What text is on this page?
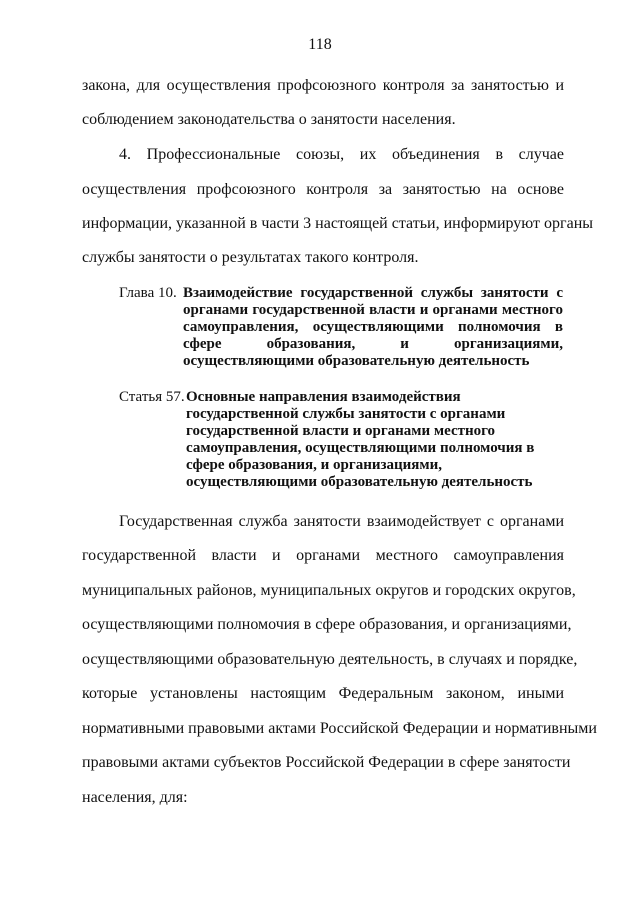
118
закона, для осуществления профсоюзного контроля за занятостью и
соблюдением законодательства о занятости населения.
4. Профессиональные союзы, их объединения в случае
осуществления профсоюзного контроля за занятостью на основе
информации, указанной в части 3 настоящей статьи, информируют органы
службы занятости о результатах такого контроля.
Глава 10. Взаимодействие государственной службы занятости с
органами государственной власти и органами местного
самоуправления, осуществляющими полномочия в
сфере образования, и организациями,
осуществляющими образовательную деятельность
Статья 57. Основные направления взаимодействия
государственной службы занятости с органами
государственной власти и органами местного
самоуправления, осуществляющими полномочия в
сфере образования, и организациями,
осуществляющими образовательную деятельность
Государственная служба занятости взаимодействует с органами
государственной власти и органами местного самоуправления
муниципальных районов, муниципальных округов и городских округов,
осуществляющими полномочия в сфере образования, и организациями,
осуществляющими образовательную деятельность, в случаях и порядке,
которые установлены настоящим Федеральным законом, иными
нормативными правовыми актами Российской Федерации и нормативными
правовыми актами субъектов Российской Федерации в сфере занятости
населения, для:
